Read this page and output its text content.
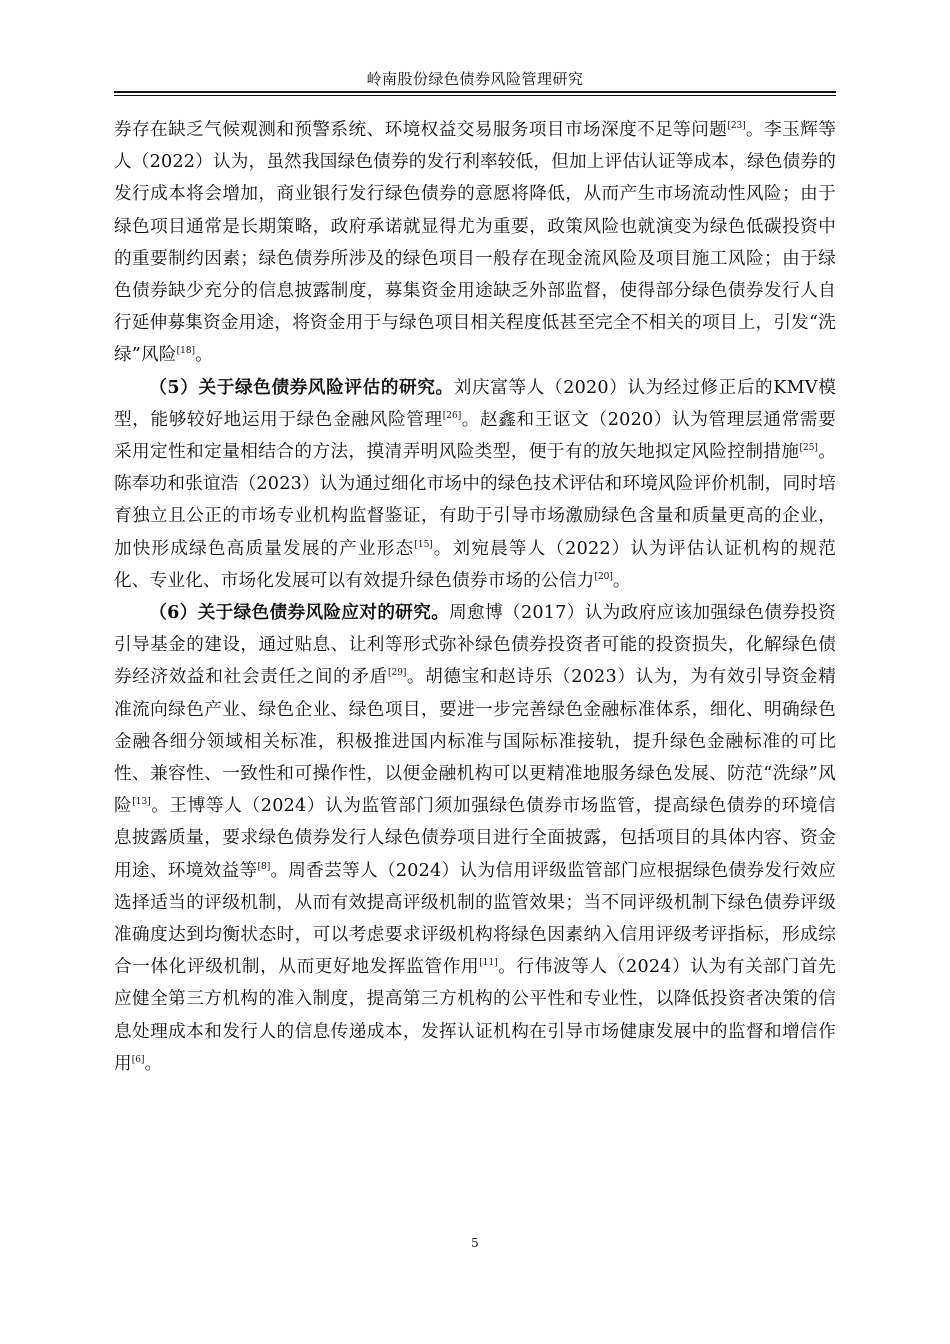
岭南股份绿色债券风险管理研究

券存在缺乏气候观测和预警系统、环境权益交易服务项目市场深度不足等问题[23]。李玉辉等人（2022）认为，虽然我国绿色债券的发行利率较低，但加上评估认证等成本，绿色债券的发行成本将会增加，商业银行发行绿色债券的意愿将降低，从而产生市场流动性风险；由于绿色项目通常是长期策略，政府承诺就显得尤为重要，政策风险也就演变为绿色低碳投资中的重要制约因素；绿色债券所涉及的绿色项目一般存在现金流风险及项目施工风险；由于绿色债券缺少充分的信息披露制度，募集资金用途缺乏外部监督，使得部分绿色债券发行人自行延伸募集资金用途，将资金用于与绿色项目相关程度低甚至完全不相关的项目上，引发“洗绿”风险[18]。

（5）关于绿色债券风险评估的研究。刘庆富等人（2020）认为经过修正后的KMV模型，能够较好地运用于绿色金融风险管理[26]。赵鑫和王讴文（2020）认为管理层通常需要采用定性和定量相结合的方法，摸清弄明风险类型，便于有的放矢地拟定风险控制措施[25]。陈奉功和张谊浩（2023）认为通过细化市场中的绿色技术评估和环境风险评价机制，同时培育独立且公正的市场专业机构监督鉴证，有助于引导市场激励绿色含量和质量更高的企业，加快形成绿色高质量发展的产业形态[15]。刘宛晨等人（2022）认为评估认证机构的规范化、专业化、市场化发展可以有效提升绿色债券市场的公信力[20]。

（6）关于绿色债券风险应对的研究。周愈博（2017）认为政府应该加强绿色债券投资引导基金的建设，通过贴息、让利等形式弥补绿色债券投资者可能的投资损失，化解绿色债券经济效益和社会责任之间的矛盾[29]。胡德宝和赵诗乐（2023）认为，为有效引导资金精准流向绿色产业、绿色企业、绿色项目，要进一步完善绿色金融标准体系，细化、明确绿色金融各细分领域相关标准，积极推进国内标准与国际标准接轨，提升绿色金融标准的可比性、兼容性、一致性和可操作性，以便金融机构可以更精准地服务绿色发展、防范“洗绿”风险[13]。王博等人（2024）认为监管部门须加强绿色债券市场监管，提高绿色债券的环境信息披露质量，要求绿色债券发行人绿色债券项目进行全面披露，包括项目的具体内容、资金用途、环境效益等[8]。周香芸等人（2024）认为信用评级监管部门应根据绿色债券发行效应选择适当的评级机制，从而有效提高评级机制的监管效果；当不同评级机制下绿色债券评级准确度达到均衡状态时，可以考虑要求评级机构将绿色因素纳入信用评级考评指标，形成综合一体化评级机制，从而更好地发挥监管作用[11]。行伟波等人（2024）认为有关部门首先应健全第三方机构的准入制度，提高第三方机构的公平性和专业性，以降低投资者决策的信息处理成本和发行人的信息传递成本，发挥认证机构在引导市场健康发展中的监督和增信作用[6]。

5
